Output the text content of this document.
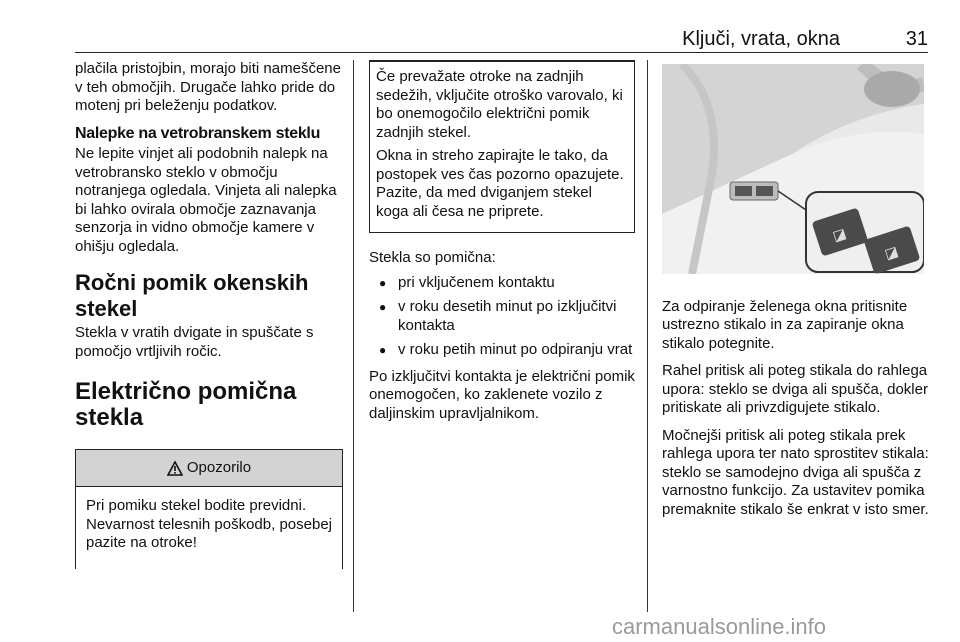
Ključi, vrata, okna	31

plačila pristojbin, morajo biti nameščene v teh območjih. Drugače lahko pride do motenj pri beleženju podatkov.

Nalepke na vetrobranskem steklu

Ne lepite vinjet ali podobnih nalepk na vetrobransko steklo v območju notranjega ogledala. Vinjeta ali nalepka bi lahko ovirala območje zaznavanja senzorja in vidno območje kamere v ohišju ogledala.

Ročni pomik okenskih stekel

Stekla v vratih dvigate in spuščate s pomočjo vrtljivih ročic.

Električno pomična stekla
Opozorilo
Pri pomiku stekel bodite previdni. Nevarnost telesnih poškodb, posebej pazite na otroke!

Če prevažate otroke na zadnjih sedežih, vključite otroško varovalo, ki bo onemogočilo električni pomik zadnjih stekel.

Okna in streho zapirajte le tako, da postopek ves čas pozorno opazujete. Pazite, da med dviganjem stekel koga ali česa ne priprete.

Stekla so pomična:

● pri vključenem kontaktu
● v roku desetih minut po izključitvi kontakta
● v roku petih minut po odpiranju vrat

Po izključitvi kontakta je električni pomik onemogočen, ko zaklenete vozilo z daljinskim upravljalnikom.

◪
◪

Za odpiranje želenega okna pritisnite ustrezno stikalo in za zapiranje okna stikalo potegnite.

Rahel pritisk ali poteg stikala do rahlega upora: steklo se dviga ali spušča, dokler pritiskate ali privzdigujete stikalo.

Močnejši pritisk ali poteg stikala prek rahlega upora ter nato sprostitev stikala: steklo se samodejno dviga ali spušča z varnostno funkcijo. Za ustavitev pomika premaknite stikalo še enkrat v isto smer.

carmanualsonline.info
